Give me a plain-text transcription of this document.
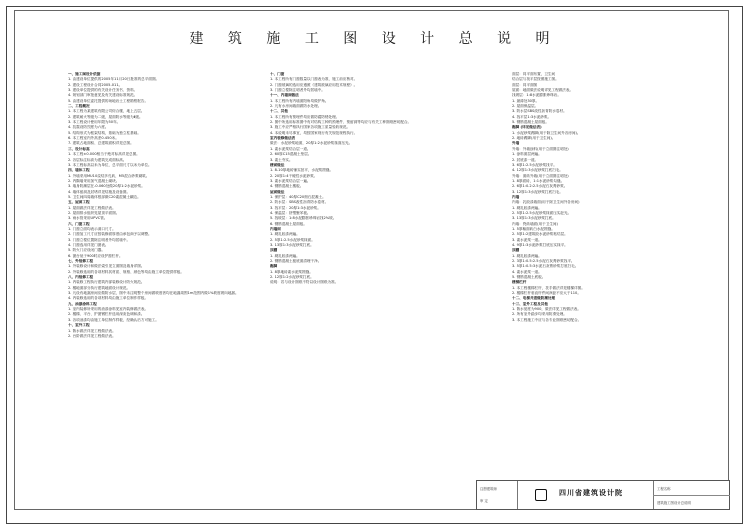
建 筑 施 工 图 设 计 总 说 明
一、施工图设计依据
1. 由建设单位提供的2005年11月20日批准的总平面图。
2. 建设工程设计合同2005-011。
3. 建设单位提供的有关设计任务书、资料。
4. 规划部门审批意见及有关建设标准规范。
5. 由建设单位委托提供的场地岩土工程勘察报告。
二、工程概况
1. 本工程为某建筑有限公司综合楼，地上五层。
2. 建筑耐火等级为二级，屋面防水等级为Ⅱ级。
3. 本工程设计使用年限为50年。
4. 抗震设防烈度为六度。
5. 结构形式为框架结构，基础为独立柱基础。
6. 本工程室内外高差0.450米。
7. 建筑占地面积、总建筑面积详见总图。
三、设计标高
1. 本工程±0.000相当于绝对标高详见总图。
2. 各层标注标高为建筑完成面标高。
3. 本工程标高以米为单位，总平面尺寸以米为单位。
四、墙体工程
1. 外墙采用MU10烧结多孔砖，M5混合砂浆砌筑。
2. 内隔墙采用加气混凝土砌块。
3. 墙身防潮层在-0.060处做20厚1:2水泥砂浆。
4. 墙体留洞及封堵详见结施及设备图。
5. 卫生间四周墙体根部做C20素混凝土翻边。
五、屋面工程
1. 屋面做法详见工程做法表。
2. 屋面排水组织见屋顶平面图。
3. 雨水管采用UPVC管。
六、门窗工程
1. 门窗立面均表示洞口尺寸。
2. 门窗加工尺寸应按装修面厚度由承包商予以调整。
3. 门窗立樘位置除注明者外均居墙中。
4. 门窗选用详见门窗表。
5. 防火门应设闭门器。
6. 窗台低于900时应设护窗栏杆。
七、外装修工程
1. 外装修设计和做法索引见立面图及墙身详图。
2. 外装修选用的各项材料其材质、规格、颜色等均由施工单位提供样板。
八、内装修工程
1. 内装修工程执行建筑内部装修设计防火规范。
2. 楼地面部分执行建筑地面设计规范。
3. 凡设有地漏房间应做防水层，图中未注明整个房间做坡度者均在地漏周围1m范围内做1%坡度坡向地漏。
4. 内装修选用的各项材料均由施工单位制作样板。
九、油漆涂料工程
1. 室内装修所采用的油漆涂料见室内装修做法表。
2. 楼梯、平台、护窗钢栏杆选用深灰色调和漆。
3. 各项油漆均由施工单位制作样板，经确认后方可施工。
十、室外工程
1. 散水做法详见工程做法表。
2. 台阶做法详见工程做法表。
十、门窗
1. 本工程所有门窗数量以门窗表为准，施工前应核对。
2. 门窗玻璃的选用应遵照《建筑玻璃应用技术规程》。
3. 门窗立樘除注明者外均居墙中。
十一、内墙面做法
1. 本工程所有内墙面阳角均做护角。
2. 凡有水房间墙面做防水处理。
十二、其他
1. 本工程所有预埋件均应做防腐防锈处理。
2. 图中所选用标准图中有对结构工种的预埋件、预留洞等均应与有关工种图纸密切配合。
3. 施工中应严格执行国家各项施工质量验收规范。
4. 本说明未尽事宜，均按国家现行有关规范规程执行。
室内装修做法表
做法：水泥砂浆地面，20厚1:2水泥砂浆抹面压光。
1. 素水泥浆结合层一道。
2. 60厚C15混凝土垫层。
3. 素土夯实。
楼面做法
1. 8-10厚地砖铺实拍平，水泥浆擦缝。
2. 20厚1:4干硬性水泥砂浆。
3. 素水泥浆结合层一遍。
4. 钢筋混凝土楼板。
屋面做法
1. 保护层：40厚C20细石混凝土。
2. 防水层：SBS改性沥青防水卷材。
3. 找平层：20厚1:3水泥砂浆。
4. 保温层：挤塑聚苯板。
5. 找坡层：1:8水泥膨胀珍珠岩找2%坡。
6. 钢筋混凝土屋面板。
内墙面
1. 刷乳胶漆两遍。
2. 5厚1:2.5水泥砂浆抹面。
3. 13厚1:3水泥砂浆打底。
顶棚
1. 刷乳胶漆两遍。
2. 钢筋混凝土板底面清理干净。
踢脚
1. 8厚地砖素水泥浆擦缝。
2. 12厚1:2水泥砂浆打底。
说明：若与设计图纸不符以设计图纸为准。
面层：同平面布置，卫生间
结合层与找平层按照施工图。
面层：同平面图
屋面：地面做法说明详见工程做法表。
找坡层：1:8水泥膨胀珍珠岩。
1. 最薄处30厚。
2. 屋面保温层。
3. 防水层SBS改性沥青防水卷材。
4. 找平层1:3水泥砂浆。
5. 钢筋混凝土屋面板。
踢脚 (详见做法表)
1. 水泥砂浆踢脚(用于除卫生间外各房间)。
2. 地砖踢脚(用于卫生间)。
外墙
外墙：外墙涂料(用于立面图注明处)
1. 涂料面层两遍。
2. 封底漆一道。
3. 6厚1:2.5水泥砂浆找平。
4. 12厚1:3水泥砂浆打底扫毛。
外墙：面砖外墙(用于立面图注明处)
1. 8厚面砖，1:1水泥砂浆勾缝。
2. 6厚1:0.2:2.5水泥石灰膏砂浆。
3. 12厚1:3水泥砂浆打底扫毛。
内墙
内墙：乳胶漆墙面(用于除卫生间外各房间)
1. 刷乳胶漆两遍。
2. 5厚1:2.5水泥砂浆抹面压实赶光。
3. 13厚1:3水泥砂浆打底。
内墙：瓷砖墙面(用于卫生间)
1. 5厚釉面砖白水泥擦缝。
2. 5厚1:2建筑胶水泥砂浆粘结层。
3. 素水泥浆一道。
4. 9厚1:3水泥砂浆打底压实抹平。
顶棚
1. 刷乳胶漆两遍。
2. 3厚1:0.5:2.5水泥石灰膏砂浆找平。
3. 5厚1:0.5:3水泥石灰膏砂浆打底扫毛。
4. 素水泥浆一道。
5. 钢筋混凝土底板。
楼梯栏杆
1. 本工程楼梯栏杆，扶手做法详见楼梯详图。
2. 楼梯栏杆垂直杆件间净距不应大于110。
十二、电梯井道做防潮处理
十三、室外工程及其他
1. 散水宽度为900，做法详见工程做法表。
2. 所有室外踏步均采用防滑处理。
3. 本工程施工中应与各专业图纸密切配合。
注册建筑师
审 定
四川省建筑设计院	工程名称
建筑施工图设计总说明
